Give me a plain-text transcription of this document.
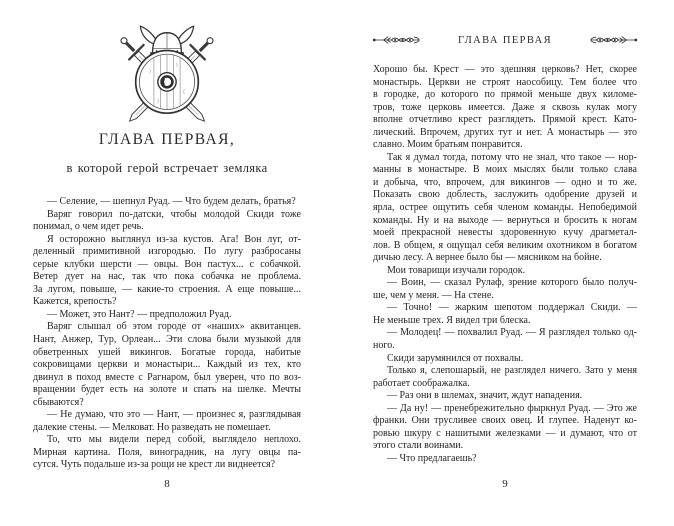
ГЛАВА ПЕРВАЯ,
в которой герой встречает земляка
— Селение, — шепнул Руад. — Что будем делать, братья?
Варяг говорил по-датски, чтобы молодой Скиди тоже
понимал, о чем идет речь.
Я осторожно выглянул из-за кустов. Ага! Вон луг, от-
деленный примитивной изгородью. По лугу разбросаны
серые клубки шерсти — овцы. Вон пастух... с собачкой.
Ветер дует на нас, так что пока собачка не проблема.
За лугом, повыше, — какие-то строения. А еще повыше...
Кажется, крепость?
— Может, это Нант? — предположил Руад.
Варяг слышал об этом городе от «наших» аквитанцев.
Нант, Анжер, Тур, Орлеан... Эти слова были музыкой для
обветренных ушей викингов. Богатые города, набитые
сокровищами церкви и монастыри... Каждый из тех, кто
двинул в поход вместе с Рагнаром, был уверен, что по воз-
вращении будет есть на золоте и спать на шелке. Мечты
сбываются?
— Не думаю, что это — Нант, — произнес я, разглядывая
далекие стены. — Мелковат. Но разведать не помешает.
То, что мы видели перед собой, выглядело неплохо.
Мирная картина. Поля, виноградник, на лугу овцы па-
сутся. Чуть подальше из-за рощи не крест ли виднеется?
8
ГЛАВА ПЕРВАЯ
Хорошо бы. Крест — это здешняя церковь? Нет, скорее
монастырь. Церкви не строят наособицу. Тем более что
в городке, до которого по прямой меньше двух киломе-
тров, тоже церковь имеется. Даже я сквозь кулак могу
вполне отчетливо крест разглядеть. Прямой крест. Като-
лический. Впрочем, других тут и нет. А монастырь — это
славно. Моим братьям понравится.
Так я думал тогда, потому что не знал, что такое — нор-
манны в монастыре. В моих мыслях были только слава
и добыча, что, впрочем, для викингов — одно и то же.
Показать свою доблесть, заслужить одобрение друзей и
ярла, острее ощутить себя членом команды. Непобедимой
команды. Ну и на выходе — вернуться и бросить к ногам
моей прекрасной невесты здоровенную кучу драгметал-
лов. В общем, я ощущал себя великим охотником в богатом
дичью лесу. А вернее было бы — мясником на бойне.
Мои товарищи изучали городок.
— Воин, — сказал Рулаф, зрение которого было получ-
ше, чем у меня. — На стене.
— Точно! — жарким шепотом поддержал Скиди. —
Не меньше трех. Я видел три блеска.
— Молодец! — похвалил Руад. — Я разглядел только од-
ного.
Скиди зарумянился от похвалы.
Только я, слепошарый, не разглядел ничего. Зато у меня
работает соображалка.
— Раз они в шлемах, значит, ждут нападения.
— Да ну! — пренебрежительно фыркнул Руад. — Это же
франки. Они трусливее своих овец. И глупее. Наденут ко-
ровью шкуру с нашитыми железками — и думают, что от
этого стали воинами.
— Что предлагаешь?
9
